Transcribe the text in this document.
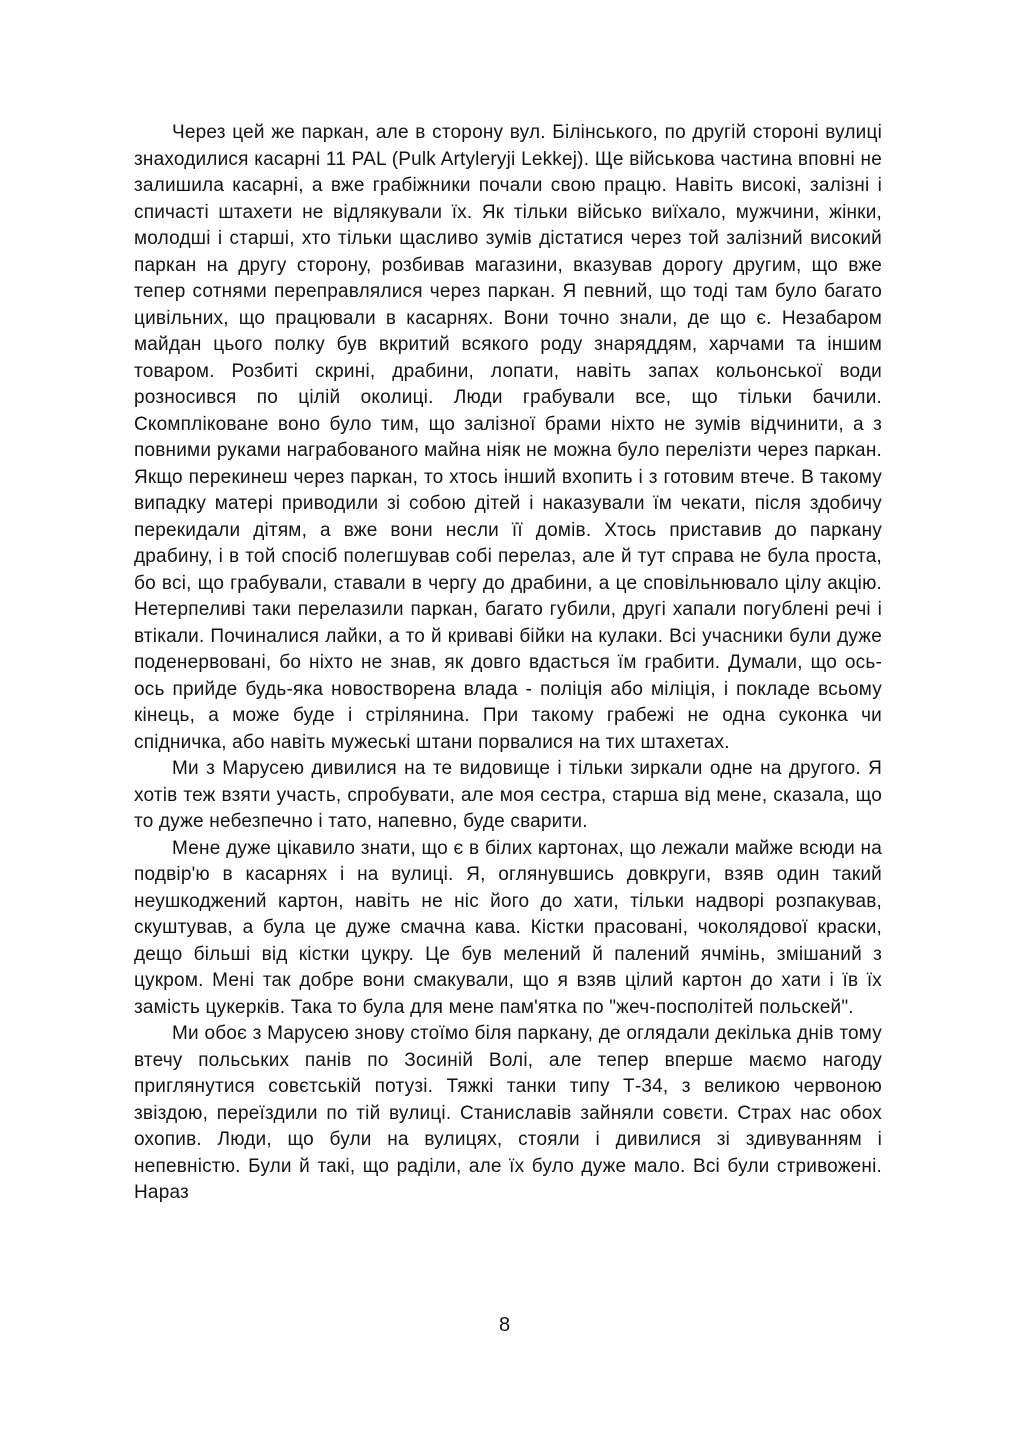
Через цей же паркан, але в сторону вул. Білінського, по другій стороні вулиці знаходилися касарні 11 PAL (Pulk Artyleryji Lekkej). Ще військова частина вповні не залишила касарні, а вже грабіжники почали свою працю. Навіть високі, залізні і спичасті штахети не відлякували їх. Як тільки військо виїхало, мужчини, жінки, молодші і старші, хто тільки щасливо зумів дістатися через той залізний високий паркан на другу сторону, розбивав магазини, вказував дорогу другим, що вже тепер сотнями переправлялися через паркан. Я певний, що тоді там було багато цивільних, що працювали в касарнях. Вони точно знали, де що є. Незабаром майдан цього полку був вкритий всякого роду знаряддям, харчами та іншим товаром. Розбиті скрині, драбини, лопати, навіть запах кольонської води розносився по цілій околиці. Люди грабували все, що тільки бачили. Скомпліковане воно було тим, що залізної брами ніхто не зумів відчинити, а з повними руками награбованого майна ніяк не можна було перелізти через паркан. Якщо перекинеш через паркан, то хтось інший вхопить і з готовим втече. В такому випадку матері приводили зі собою дітей і наказували їм чекати, після здобичу перекидали дітям, а вже вони несли її домів. Хтось приставив до паркану драбину, і в той спосіб полегшував собі перелаз, але й тут справа не була проста, бо всі, що грабували, ставали в чергу до драбини, а це сповільнювало цілу акцію. Нетерпеливі таки перелазили паркан, багато губили, другі хапали погублені речі і втікали. Починалися лайки, а то й криваві бійки на кулаки. Всі учасники були дуже поденервовані, бо ніхто не знав, як довго вдасться їм грабити. Думали, що ось-ось прийде будь-яка новостворена влада - поліція або міліція, і покладе всьому кінець, а може буде і стрілянина. При такому грабежі не одна суконка чи спідничка, або навіть мужеські штани порвалися на тих штахетах.

Ми з Марусею дивилися на те видовище і тільки зиркали одне на другого. Я хотів теж взяти участь, спробувати, але моя сестра, старша від мене, сказала, що то дуже небезпечно і тато, напевно, буде сварити.

Мене дуже цікавило знати, що є в білих картонах, що лежали майже всюди на подвір'ю в касарнях і на вулиці. Я, оглянувшись довкруги, взяв один такий неушкоджений картон, навіть не ніс його до хати, тільки надворі розпакував, скуштував, а була це дуже смачна кава. Кістки прасовані, чоколядової краски, дещо більші від кістки цукру. Це був мелений й палений ячмінь, змішаний з цукром. Мені так добре вони смакували, що я взяв цілий картон до хати і їв їх замість цукерків. Така то була для мене пам'ятка по "жеч-посполітей польскей".

Ми обоє з Марусею знову стоїмо біля паркану, де оглядали декілька днів тому втечу польських панів по Зосиній Волі, але тепер вперше маємо нагоду приглянутися совєтській потузі. Тяжкі танки типу Т-34, з великою червоною звіздою, переїздили по тій вулиці. Станиславів зайняли совєти. Страх нас обох охопив. Люди, що були на вулицях, стояли і дивилися зі здивуванням і непевністю. Були й такі, що раділи, але їх було дуже мало. Всі були стривожені. Нараз

8
